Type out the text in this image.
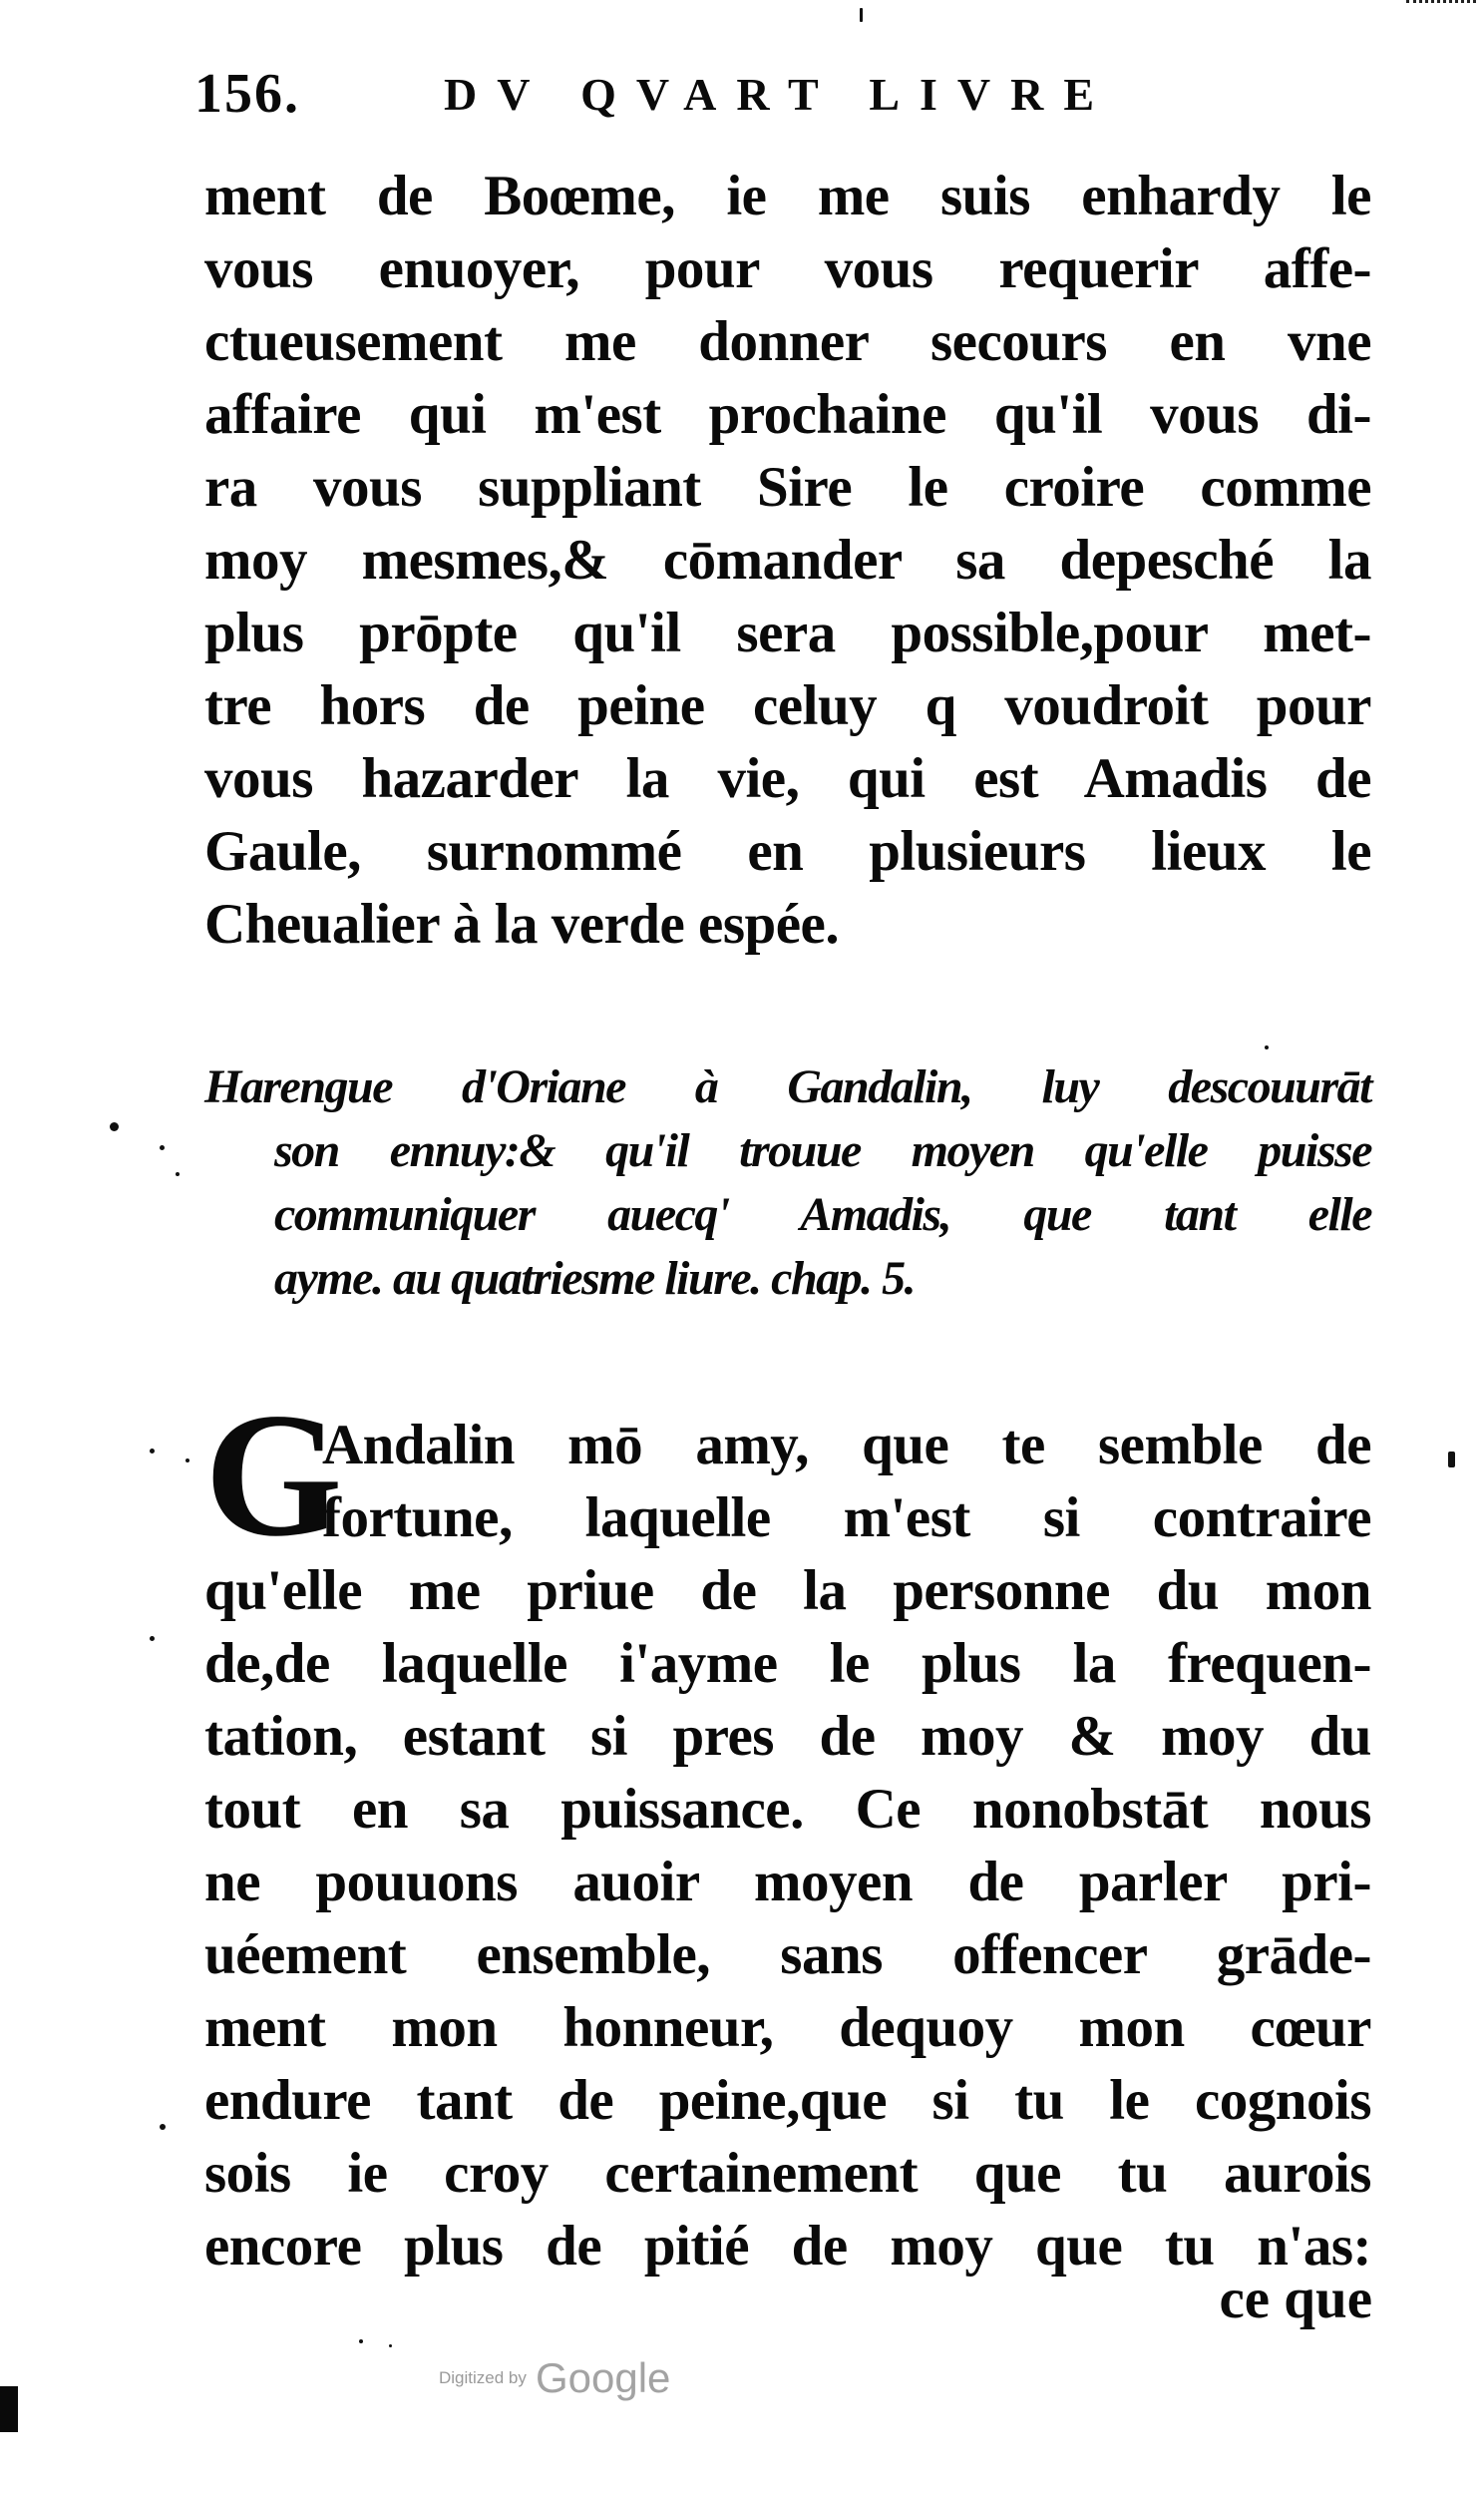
156.	DV QVART LIVRE
ment de Boœme, ie me suis enhardy le
vous enuoyer, pour vous requerir affe-
ctueusement me donner secours en vne
affaire qui m'est prochaine qu'il vous di-
ra vous suppliant Sire le croire comme
moy mesmes,& cōmander sa depesché la
plus prōpte qu'il sera possible,pour met-
tre hors de peine celuy q voudroit pour
vous hazarder la vie, qui est Amadis de
Gaule, surnommé en plusieurs lieux le
Cheualier à la verde espée.
Harengue d'Oriane à Gandalin, luy descouurāt
son ennuy:& qu'il trouue moyen qu'elle puisse
communiquer auecq' Amadis, que tant elle
ayme. au quatriesme liure. chap. 5.
G
Andalin mō amy, que te semble de
fortune, laquelle m'est si contraire
qu'elle me priue de la personne du mon
de,de laquelle i'ayme le plus la frequen-
tation, estant si pres de moy & moy du
tout en sa puissance. Ce nonobstāt nous
ne pouuons auoir moyen de parler pri-
uéement ensemble, sans offencer grāde-
ment mon honneur, dequoy mon cœur
endure tant de peine,que si tu le cognois
sois ie croy certainement que tu aurois
encore plus de pitié de moy que tu n'as:
ce que
Digitized by Google
